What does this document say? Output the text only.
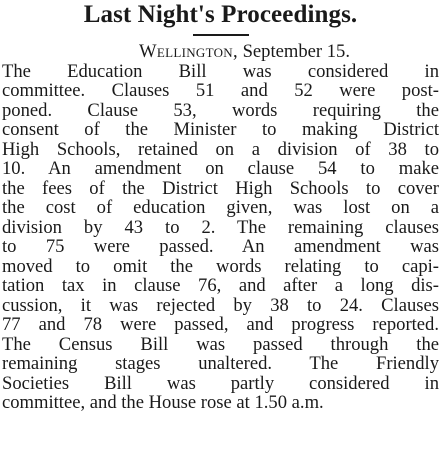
Last Night's Proceedings.
Wellington, September 15.
The Education Bill was considered in
committee. Clauses 51 and 52 were post-
poned. Clause 53, words requiring the
consent of the Minister to making District
High Schools, retained on a division of 38 to
10. An amendment on clause 54 to make
the fees of the District High Schools to cover
the cost of education given, was lost on a
division by 43 to 2. The remaining clauses
to 75 were passed. An amendment was
moved to omit the words relating to capi-
tation tax in clause 76, and after a long dis-
cussion, it was rejected by 38 to 24. Clauses
77 and 78 were passed, and progress reported.
The Census Bill was passed through the
remaining stages unaltered. The Friendly
Societies Bill was partly considered in
committee, and the House rose at 1.50 a.m.
